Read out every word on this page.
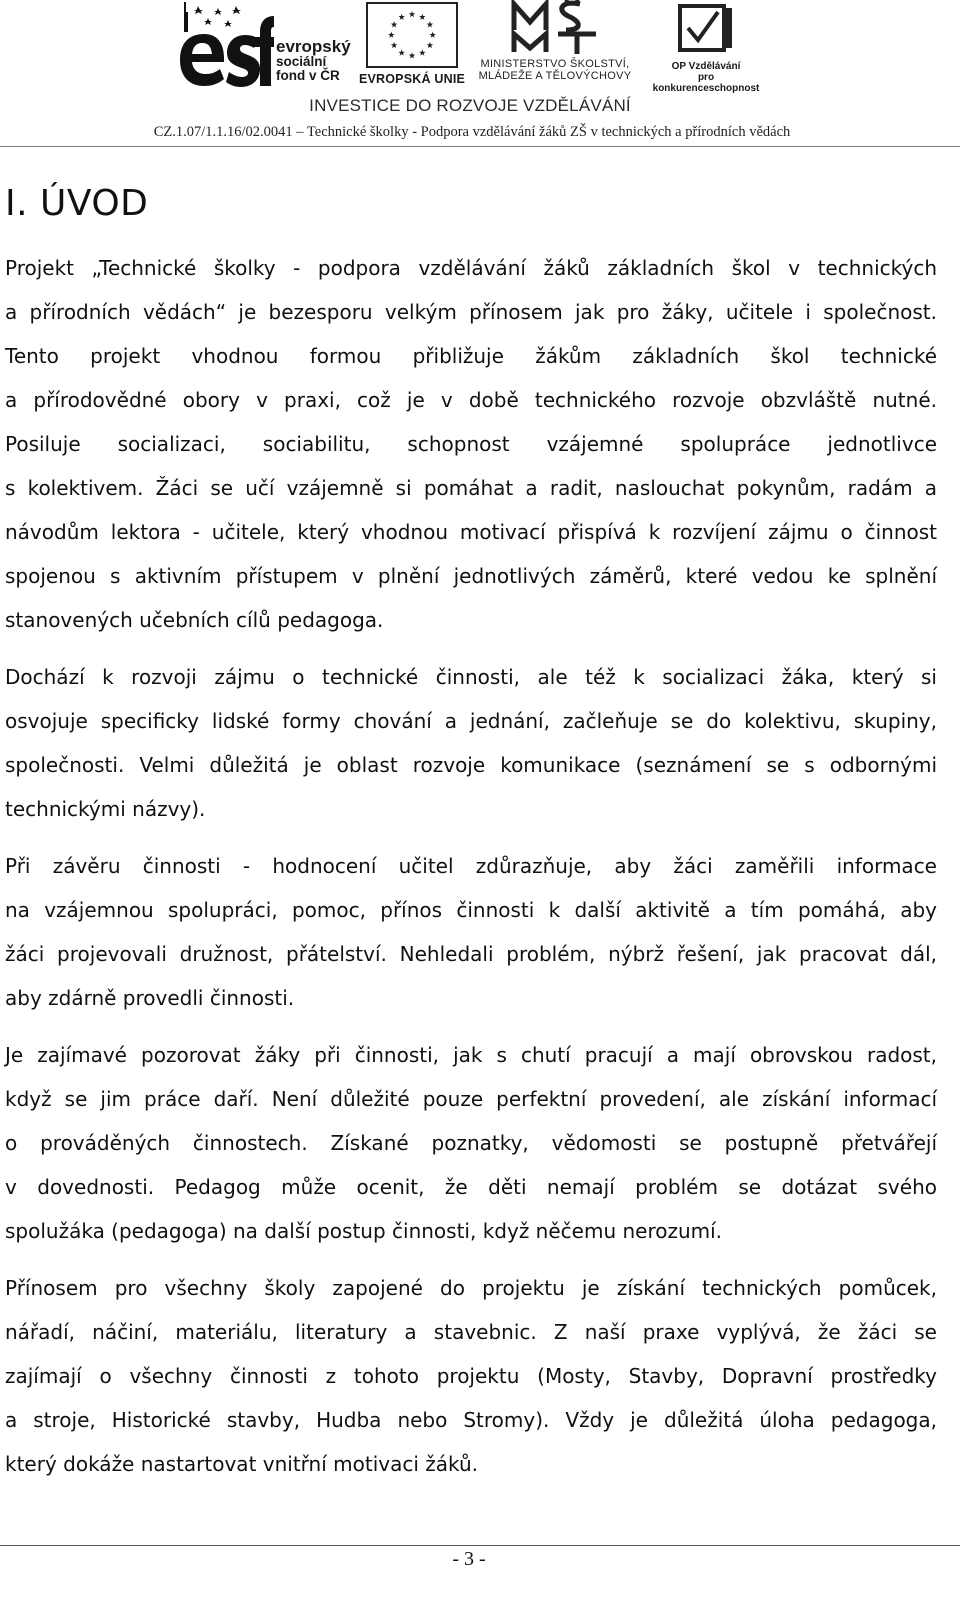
evropský
sociální
fond v ČR	EVROPSKÁ UNIE
MINISTERSTVO ŠKOLSTVÍ,
MLÁDEŽE A TĚLOVÝCHOVY
OP Vzdělávání
pro konkurenceschopnost
INVESTICE DO ROZVOJE VZDĚLÁVÁNÍ
CZ.1.07/1.1.16/02.0041 – Technické školky - Podpora vzdělávání žáků ZŠ v technických a přírodních vědách
I. ÚVOD

Projekt „Technické školky - podpora vzdělávání žáků základních škol v technických
a přírodních vědách“ je bezesporu velkým přínosem jak pro žáky, učitele i společnost.
Tento projekt vhodnou formou přibližuje žákům základních škol technické
a přírodovědné obory v praxi, což je v době technického rozvoje obzvláště nutné.
Posiluje socializaci, sociabilitu, schopnost vzájemné spolupráce jednotlivce
s kolektivem. Žáci se učí vzájemně si pomáhat a radit, naslouchat pokynům, radám a
návodům lektora - učitele, který vhodnou motivací přispívá k rozvíjení zájmu o činnost
spojenou s aktivním přístupem v plnění jednotlivých záměrů, které vedou ke splnění
stanovených učebních cílů pedagoga.

Dochází k rozvoji zájmu o technické činnosti, ale též k socializaci žáka, který si
osvojuje specificky lidské formy chování a jednání, začleňuje se do kolektivu, skupiny,
společnosti. Velmi důležitá je oblast rozvoje komunikace (seznámení se s odbornými
technickými názvy).

Při závěru činnosti - hodnocení učitel zdůrazňuje, aby žáci zaměřili informace
na vzájemnou spolupráci, pomoc, přínos činnosti k další aktivitě a tím pomáhá, aby
žáci projevovali družnost, přátelství. Nehledali problém, nýbrž řešení, jak pracovat dál,
aby zdárně provedli činnosti.

Je zajímavé pozorovat žáky při činnosti, jak s chutí pracují a mají obrovskou radost,
když se jim práce daří. Není důležité pouze perfektní provedení, ale získání informací
o prováděných činnostech. Získané poznatky, vědomosti se postupně přetvářejí
v dovednosti. Pedagog může ocenit, že děti nemají problém se dotázat svého
spolužáka (pedagoga) na další postup činnosti, když něčemu nerozumí.

Přínosem pro všechny školy zapojené do projektu je získání technických pomůcek,
nářadí, náčiní, materiálu, literatury a stavebnic. Z naší praxe vyplývá, že žáci se
zajímají o všechny činnosti z tohoto projektu (Mosty, Stavby, Dopravní prostředky
a stroje, Historické stavby, Hudba nebo Stromy). Vždy je důležitá úloha pedagoga,
který dokáže nastartovat vnitřní motivaci žáků.

- 3 -
